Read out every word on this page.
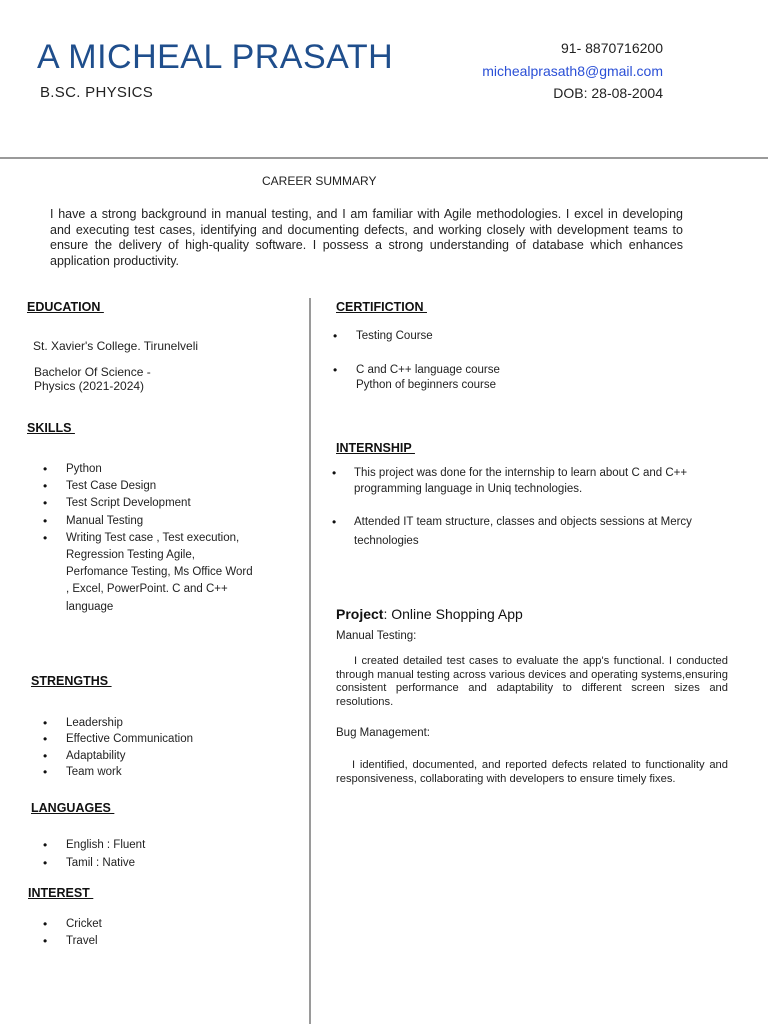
A MICHEAL PRASATH
B.SC. PHYSICS
91- 8870716200
michealprasath8@gmail.com
DOB: 28-08-2004
CAREER SUMMARY
I have a strong background in manual testing, and I am familiar with Agile methodologies. I excel in developing and executing test cases, identifying and documenting defects, and working closely with development teams to ensure the delivery of high-quality software. I possess a strong understanding of database which enhances application productivity.
EDUCATION
St. Xavier's College. Tirunelveli
Bachelor Of Science -
Physics (2021-2024)
SKILLS
• Python
• Test Case Design
• Test Script Development
• Manual Testing
• Writing Test case , Test execution, Regression Testing Agile, Perfomance Testing, Ms Office Word , Excel, PowerPoint. C and C++ language
STRENGTHS
• Leadership
• Effective Communication
• Adaptability
• Team work
LANGUAGES
• English : Fluent
• Tamil : Native
INTEREST
• Cricket
• Travel
CERTIFICTION
• Testing Course
• C and C++ language course
Python of beginners course
INTERNSHIP
• This project was done for the internship to learn about C and C++ programming language in Uniq technologies.
• Attended IT team structure, classes and objects sessions at Mercy technologies
Project: Online Shopping App
Manual Testing:
I created detailed test cases to evaluate the app's functional. I conducted through manual testing across various devices and operating systems,ensuring consistent performance and adaptability to different screen sizes and resolutions.
Bug Management:
I identified, documented, and reported defects related to functionality and responsiveness, collaborating with developers to ensure timely fixes.
